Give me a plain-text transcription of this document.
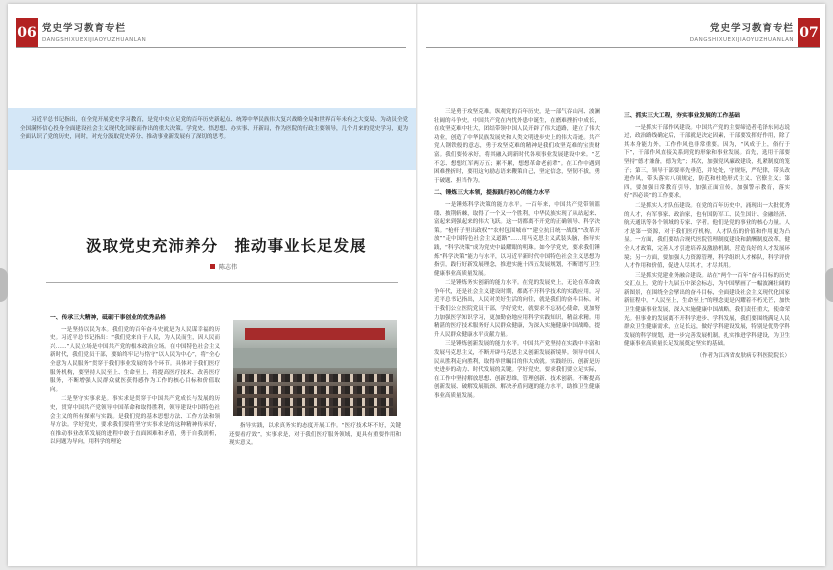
06 党史学习教育专栏
DANGSHIXUEXIJIAOYUZHUANLAN	07
党史学习教育专栏
DANGSHIXUEXIJIAOYUZHUANLAN

习近平总书记指出，在全党开展党史学习教育，是党中央立足党的百年历史新起点、统筹中华民族伟大复兴战略全局和世界百年未有之大变局、为动员全党全国满怀信心投身全面建设社会主义现代化国家而作出的重大决策。学党史、悟思想、办实事、开新局，作为医院的行政主要领导，几个月来的党史学习，更为全面认识了党的历史，同时，对充分汲取党史养分、推动事业新发展有了深切的思考。

汲取党史充沛养分　推动事业长足发展
陈志伟
一、传承三大精神，砥砺干事创业的优秀品格

一是坚持以民为本。我们党的百年奋斗史就是为人民谋幸福的历史。习近平总书记指出：“我们党来自于人民，为人民而生，因人民而兴……”人民立场是中国共产党的根本政治立场。在中国特色社会主义新时代，我们党员干部，要始终牢记与恪守“以人民为中心”，将“全心全意为人民服务”贯穿于我们事业发展的各个环节。具体对于我们医疗服务机构，要坚持人民至上、生命至上，将提高医疗技术、改善医疗服务，不断增强人民群众就医获得感作为工作的核心目标和价值取向。

二是坚守实事求是。事实求是贯穿于中国共产党成长与发展的历史，贯穿中国共产党领导中国革命和取得胜利，领导建设中国特色社会主义的所有探索与实践。是我们党的基本思想方法、工作方法和领导方法。学好党史，要求我们要将坚守实事求是的这种精神传承好，在推动事业改革发展的进程中敢于直面困难和矛盾，勇于自我剖析，以问题为导向，用科学的理论

指导实践，以求真务实的态度开展工作。“医疗技术坏不好，关键还要看疗效”，实事求是，对于我们医疗服务领域，更具有重要作用和现实意义。

三是勇于攻坚克难。纵观党的百年历史，是一部气吞山河、波澜壮阔的斗争史。中国共产党在内忧外患中诞生，在磨难挫折中成长，在攻坚克难中壮大，团结带领中国人民开辟了伟大道路，建立了伟大功业，创造了中华民族发展史和人类文明进步史上的伟大奇迹。共产党人钢铁般的意志，勇于攻坚克难的精神是我们攻坚克难的宝贵财富。我们要传承好，将其融入到新时代各项事业发展建设中来。“艺不怎、想想红军两万五；累不累，想想革命老前辈”。在工作中遇到困难挫折时，要用这句励志语来鞭策自己，坚定信念，坚韧不拔，勇于破题、担当作为。

二、锤炼三大本领，提振践行初心的能力水平

一是锤炼科学决策的能力水平。一百年来，中国共产党带领篮缕、披荆斩棘，取得了一个又一个胜利，中华民族实现了从站起来、富起来到强起来的伟大飞跃。这一切都离不开党的正确领导、科学决策。“枪杆子里出政权”“农村包围城市”“建立抗日统一战线”“改革开放”“走中国特色社会主义道路”……用马克思主义武装头脑，指导实践，“科学决策”成为党史中最耀眼的明珠。如今学党史，要求我们锤炼“科学决策”能力与水平，以习近平新时代中国特色社会主义思想为指引，践行好新发展理念，推进实施十四五发展规划，不断谱写卫生健康事业高质量发展。

二是锤炼务实创新的能力水平。在党的发展史上，无论在革命战争年代，还是社会主义建设时期，都离不开科学技术的实践应用。习近平总书记指出，人民对美好生活的向往，就是我们的奋斗目标。对于我们公立医院党员干部，学好党史，就要求不忘初心使命，更加努力加强医学知识学习，更加勤奋地应用科学实践知识，精益求精。用精湛的医疗技术服务好人民群众健康，为深入实施健康中国战略，提升人民群众健康水平贡献力量。

三是锤炼创新发展的能力水平。中国共产党坚持在实践中丰富和发展马克思主义，不断开辟马克思主义创新发展新境界。领导中国人民从胜利走向胜利，取得举世瞩目的伟大成就。实践经历、创新是历史进步的动力、时代发展的关键。学好党史，要求我们要立足实际，在工作中坚持解放思想、创新思维，管理创新、技术创新。不断提高创新发展、破解发展瓶颈、解决矛盾问题的能力水平，助推卫生健康事业高质量发展。

三、抓实三大工程，夯实事业发展的工作基础

一是抓实干部作风建设。中国共产党的主要缔造者毛泽东同志说过，政治路线确定后，干部就是决定因素，干部要发挥好作用，除了其本身能力外，工作作风也非常重要。因为，“风成于上，俗行于下”，干部作风直接关系到党的形象和事业发展。首先，选用干部要坚持“德才兼备，德为先”；其次，加强党风廉政建设，扎紧制度的笼子；第三，领导干部要率先垂范，并处处，守规矩，严纪律，带头改进作风，带头落实八项规定，防范和杜绝形式主义、官僚主义；第四，要加强日常教育引导，加强正面宣传，加强警示教育，落实好“四必谈”的工作要求。

二是抓实人才队伍建设。在党的百年历史中，涌现出一大批优秀的人才，有军事家、政治家，也有国防军工、民生国计、金融经济、航天通讯等各个领域的专家、学者。他们是党的事业的核心力量。人才是第一资源，对于我们医疗机构，人才队伍的价值和作用更为凸显。一方面，我们要结合现代医院管理制度建设和薪酬制度改革，健全人才政策，完善人才引进培养及激励机制，营造良好的人才发展环境；另一方面，要加强人力资源管理，科学组织人才梯队，科学评价人才作用和价值，促进人尽其才，才尽其用。

三是抓实党建业务融合建设。站在“两个一百年”奋斗目标的历史交汇点上，党的十九届五中深会标志，为中国擘画了一幅波澜壮阔的新图景，在围绕全会擘出的奋斗目标，全面建设社会主义现代化国家新征程中，“人民至上，生命至上”的理念更是闪耀着不朽光芒，加快卫生健康事业发展，深入实施健康中国战略，我们责任重大，使命荣光。但事业的发展离不开科学进步、学科发展，我们要围绕满足人民群众卫生健康需求，立足长远，做好学科建设发展，特别是优势学科发展的科学规划，进一步完善发展机制，扎实推进学科建设，为卫生健康事业高质量长足发展奠定坚实的基础。

（作者为江西省皮肤病专科医院院长）
